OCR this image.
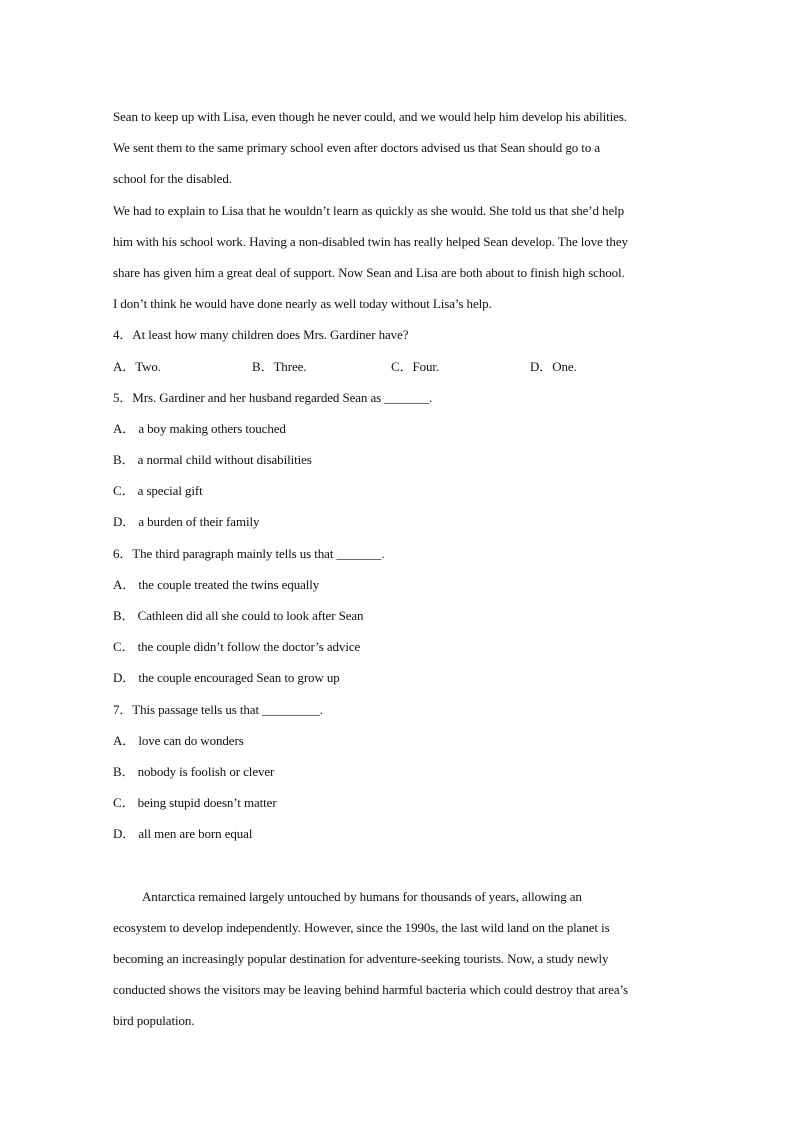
Sean to keep up with Lisa, even though he never could, and we would help him develop his abilities.
We sent them to the same primary school even after doctors advised us that Sean should go to a
school for the disabled.
We had to explain to Lisa that he wouldn’t learn as quickly as she would. She told us that she’d help
him with his school work. Having a non-disabled twin has really helped Sean develop. The love they
share has given him a great deal of support. Now Sean and Lisa are both about to finish high school.
I don’t think he would have done nearly as well today without Lisa’s help.
4．At least how many children does Mrs. Gardiner have?
A．Two.	B．Three.	C．Four.	D．One.
5．Mrs. Gardiner and her husband regarded Sean as _______.
A． a boy making others touched
B． a normal child without disabilities
C． a special gift
D． a burden of their family
6．The third paragraph mainly tells us that _______.
A． the couple treated the twins equally
B． Cathleen did all she could to look after Sean
C． the couple didn’t follow the doctor’s advice
D． the couple encouraged Sean to grow up
7．This passage tells us that _________.
A． love can do wonders
B． nobody is foolish or clever
C． being stupid doesn’t matter
D． all men are born equal
Antarctica remained largely untouched by humans for thousands of years, allowing an
ecosystem to develop independently. However, since the 1990s, the last wild land on the planet is
becoming an increasingly popular destination for adventure-seeking tourists. Now, a study newly
conducted shows the visitors may be leaving behind harmful bacteria which could destroy that area’s
bird population.
